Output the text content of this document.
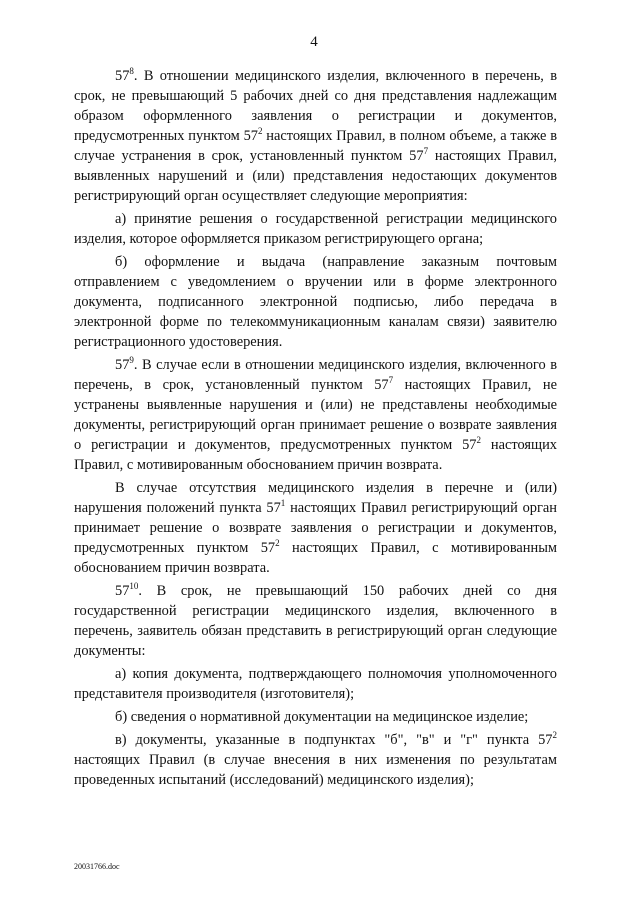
4

$57^8$. В отношении медицинского изделия, включенного в перечень, в срок, не превышающий 5 рабочих дней со дня представления надлежащим образом оформленного заявления о регистрации и документов, предусмотренных пунктом $57^2$ настоящих Правил, в полном объеме, а также в случае устранения в срок, установленный пунктом $57^7$ настоящих Правил, выявленных нарушений и (или) представления недостающих документов регистрирующий орган осуществляет следующие мероприятия:

а) принятие решения о государственной регистрации медицинского изделия, которое оформляется приказом регистрирующего органа;

б) оформление и выдача (направление заказным почтовым отправлением с уведомлением о вручении или в форме электронного документа, подписанного электронной подписью, либо передача в электронной форме по телекоммуникационным каналам связи) заявителю регистрационного удостоверения.

$57^9$. В случае если в отношении медицинского изделия, включенного в перечень, в срок, установленный пунктом $57^7$ настоящих Правил, не устранены выявленные нарушения и (или) не представлены необходимые документы, регистрирующий орган принимает решение о возврате заявления о регистрации и документов, предусмотренных пунктом $57^2$ настоящих Правил, с мотивированным обоснованием причин возврата.

В случае отсутствия медицинского изделия в перечне и (или) нарушения положений пункта $57^1$ настоящих Правил регистрирующий орган принимает решение о возврате заявления о регистрации и документов, предусмотренных пунктом $57^2$ настоящих Правил, с мотивированным обоснованием причин возврата.

$57^{10}$. В срок, не превышающий 150 рабочих дней со дня государственной регистрации медицинского изделия, включенного в перечень, заявитель обязан представить в регистрирующий орган следующие документы:

а) копия документа, подтверждающего полномочия уполномоченного представителя производителя (изготовителя);

б) сведения о нормативной документации на медицинское изделие;

в) документы, указанные в подпунктах "б", "в" и "г" пункта $57^2$ настоящих Правил (в случае внесения в них изменения по результатам проведенных испытаний (исследований) медицинского изделия);

20031766.doc
